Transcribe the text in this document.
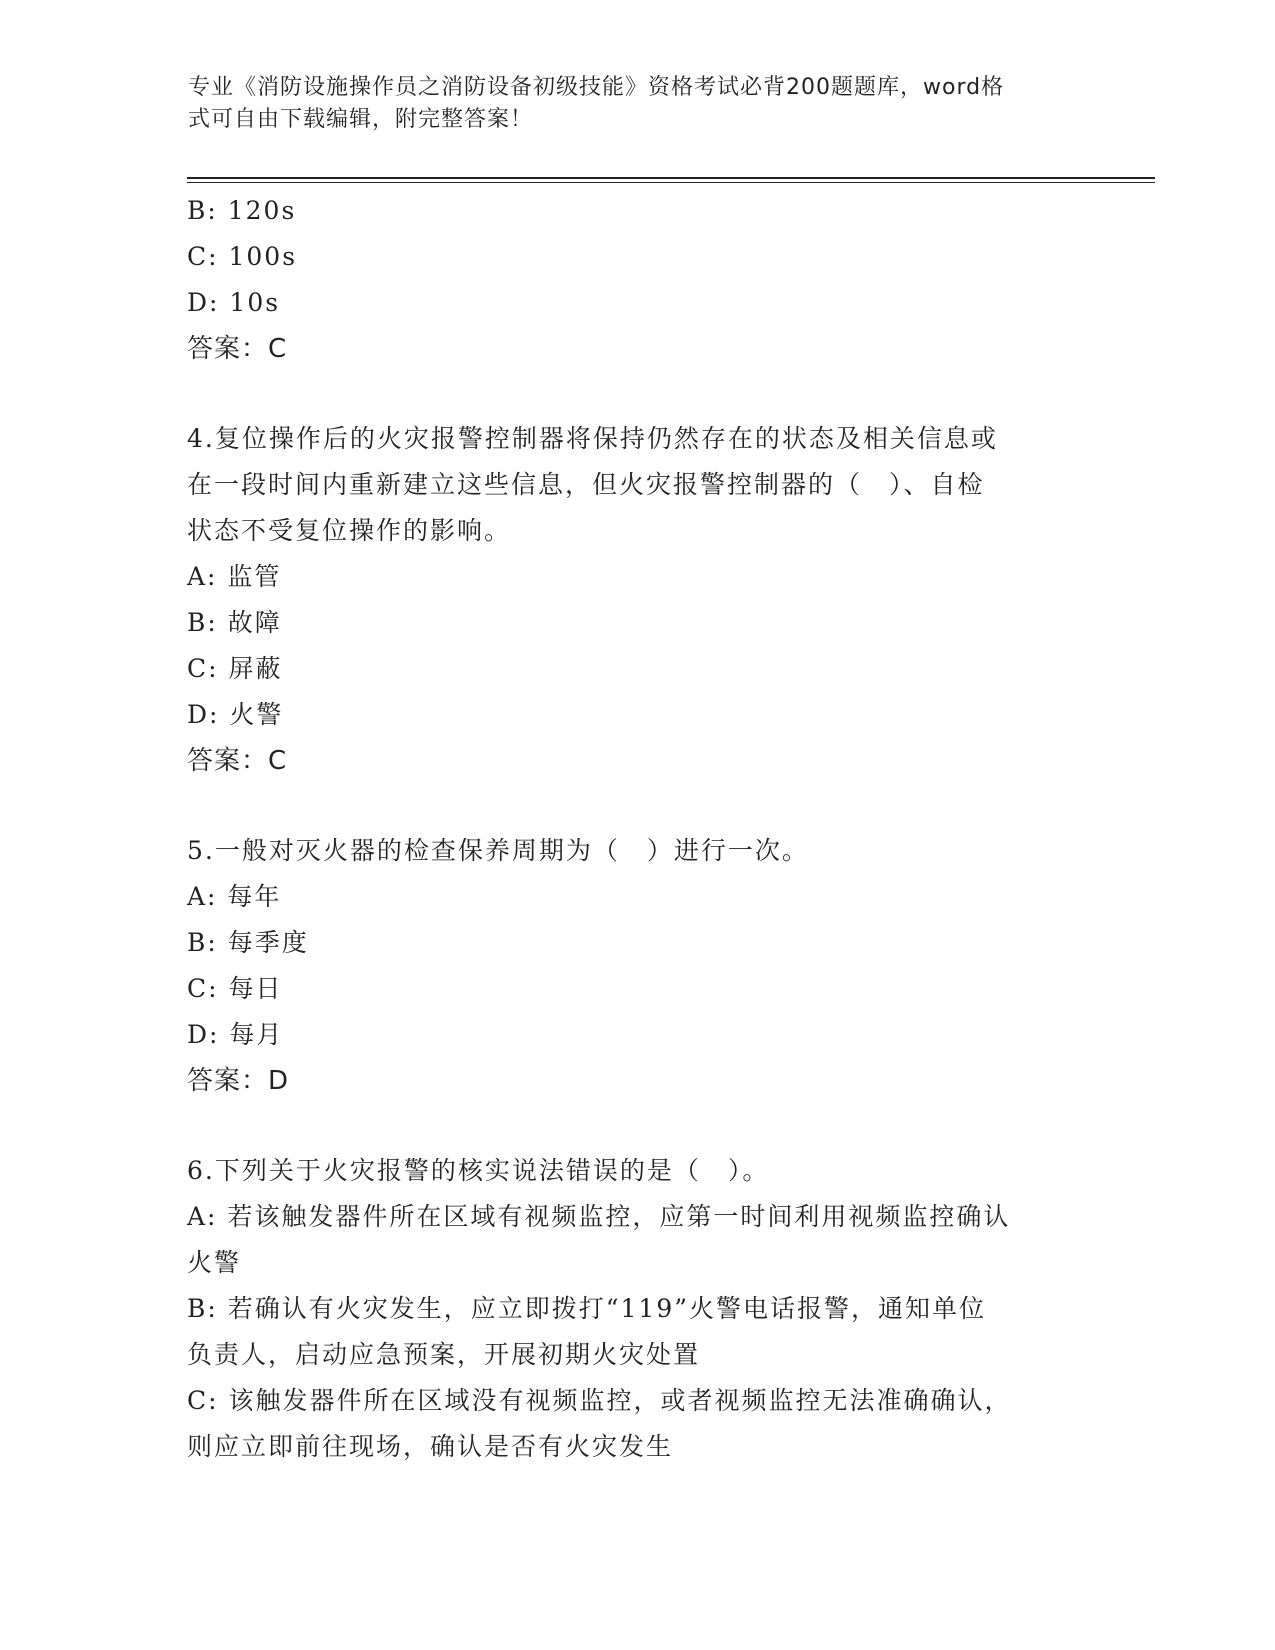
专业《消防设施操作员之消防设备初级技能》资格考试必背200题题库，word格
式可自由下载编辑，附完整答案！
B: 120s
C: 100s
D: 10s
答案：C
4.复位操作后的火灾报警控制器将保持仍然存在的状态及相关信息或
在一段时间内重新建立这些信息，但火灾报警控制器的（　）、自检
状态不受复位操作的影响。
A: 监管
B: 故障
C: 屏蔽
D: 火警
答案：C
5.一般对灭火器的检查保养周期为（　）进行一次。
A: 每年
B: 每季度
C: 每日
D: 每月
答案：D
6.下列关于火灾报警的核实说法错误的是（　）。
A: 若该触发器件所在区域有视频监控，应第一时间利用视频监控确认
火警
B: 若确认有火灾发生，应立即拨打“119”火警电话报警，通知单位
负责人，启动应急预案，开展初期火灾处置
C: 该触发器件所在区域没有视频监控，或者视频监控无法准确确认，
则应立即前往现场，确认是否有火灾发生
